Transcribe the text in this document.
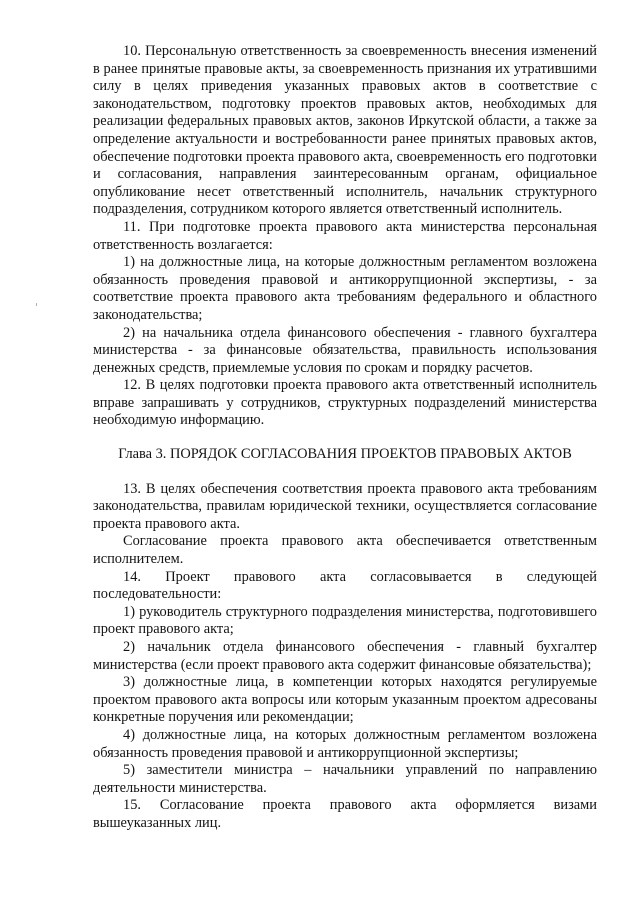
10. Персональную ответственность за своевременность внесения изменений в ранее принятые правовые акты, за своевременность признания их утратившими силу в целях приведения указанных правовых актов в соответствие с законодательством, подготовку проектов правовых актов, необходимых для реализации федеральных правовых актов, законов Иркутской области, а также за определение актуальности и востребованности ранее принятых правовых актов, обеспечение подготовки проекта правового акта, своевременность его подготовки и согласования, направления заинтересованным органам, официальное опубликование несет ответственный исполнитель, начальник структурного подразделения, сотрудником которого является ответственный исполнитель.

11. При подготовке проекта правового акта министерства персональная ответственность возлагается:

1) на должностные лица, на которые должностным регламентом возложена обязанность проведения правовой и антикоррупционной экспертизы, - за соответствие проекта правового акта требованиям федерального и областного законодательства;

2) на начальника отдела финансового обеспечения - главного бухгалтера министерства - за финансовые обязательства, правильность использования денежных средств, приемлемые условия по срокам и порядку расчетов.

12. В целях подготовки проекта правового акта ответственный исполнитель вправе запрашивать у сотрудников, структурных подразделений министерства необходимую информацию.

Глава 3. ПОРЯДОК СОГЛАСОВАНИЯ ПРОЕКТОВ ПРАВОВЫХ АКТОВ

13. В целях обеспечения соответствия проекта правового акта требованиям законодательства, правилам юридической техники, осуществляется согласование проекта правового акта.

Согласование проекта правового акта обеспечивается ответственным исполнителем.

14. Проект правового акта согласовывается в следующей последовательности:

1) руководитель структурного подразделения министерства, подготовившего проект правового акта;

2) начальник отдела финансового обеспечения - главный бухгалтер министерства (если проект правового акта содержит финансовые обязательства);

3) должностные лица, в компетенции которых находятся регулируемые проектом правового акта вопросы или которым указанным проектом адресованы конкретные поручения или рекомендации;

4) должностные лица, на которых должностным регламентом возложена обязанность проведения правовой и антикоррупционной экспертизы;

5) заместители министра – начальники управлений по направлению деятельности министерства.

15. Согласование проекта правового акта оформляется визами вышеуказанных лиц.
